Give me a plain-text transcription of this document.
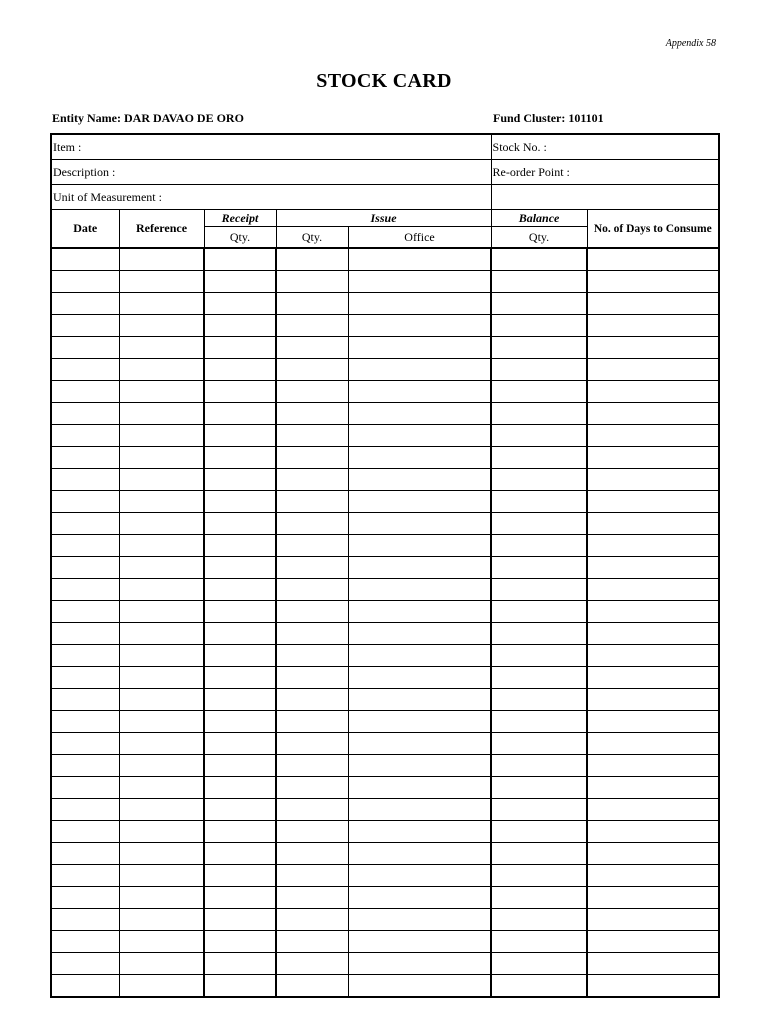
Appendix 58
STOCK CARD
Entity Name: DAR DAVAO DE ORO	Fund Cluster: 101101
Item :					Stock No. :	
Description :					Re-order Point :	
Unit of Measurement :						
Date	Reference	Receipt	Issue		Balance	No. of Days to Consume
		Qty.	Qty.	Office	Qty.	
